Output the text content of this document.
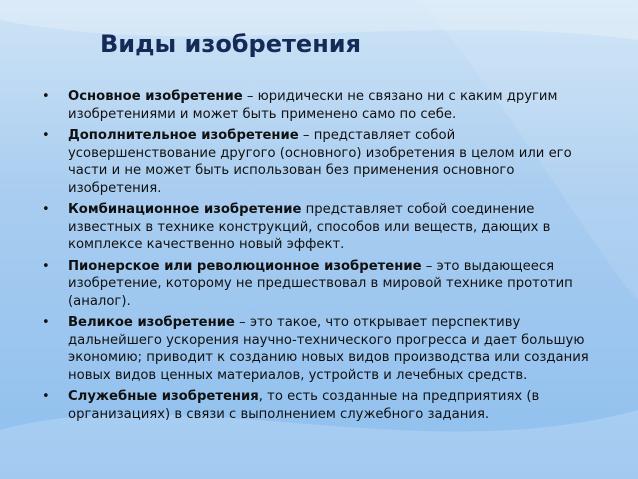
Виды изобретения
• Основное изобретение – юридически не связано ни с каким другим изобретениями и может быть применено само по себе.
• Дополнительное изобретение – представляет собой усовершенствование другого (основного) изобретения в целом или его части и не может быть использован без применения основного изобретения.
• Комбинационное изобретение представляет собой соединение известных в технике конструкций, способов или веществ, дающих в комплексе качественно новый эффект.
• Пионерское или революционное изобретение – это выдающееся изобретение, которому не предшествовал в мировой технике прототип (аналог).
• Великое изобретение – это такое, что открывает перспективу дальнейшего ускорения научно-технического прогресса и дает большую экономию; приводит к созданию новых видов производства или создания новых видов ценных материалов, устройств и лечебных средств.
• Служебные изобретения, то есть созданные на предприятиях (в организациях) в связи с выполнением служебного задания.
